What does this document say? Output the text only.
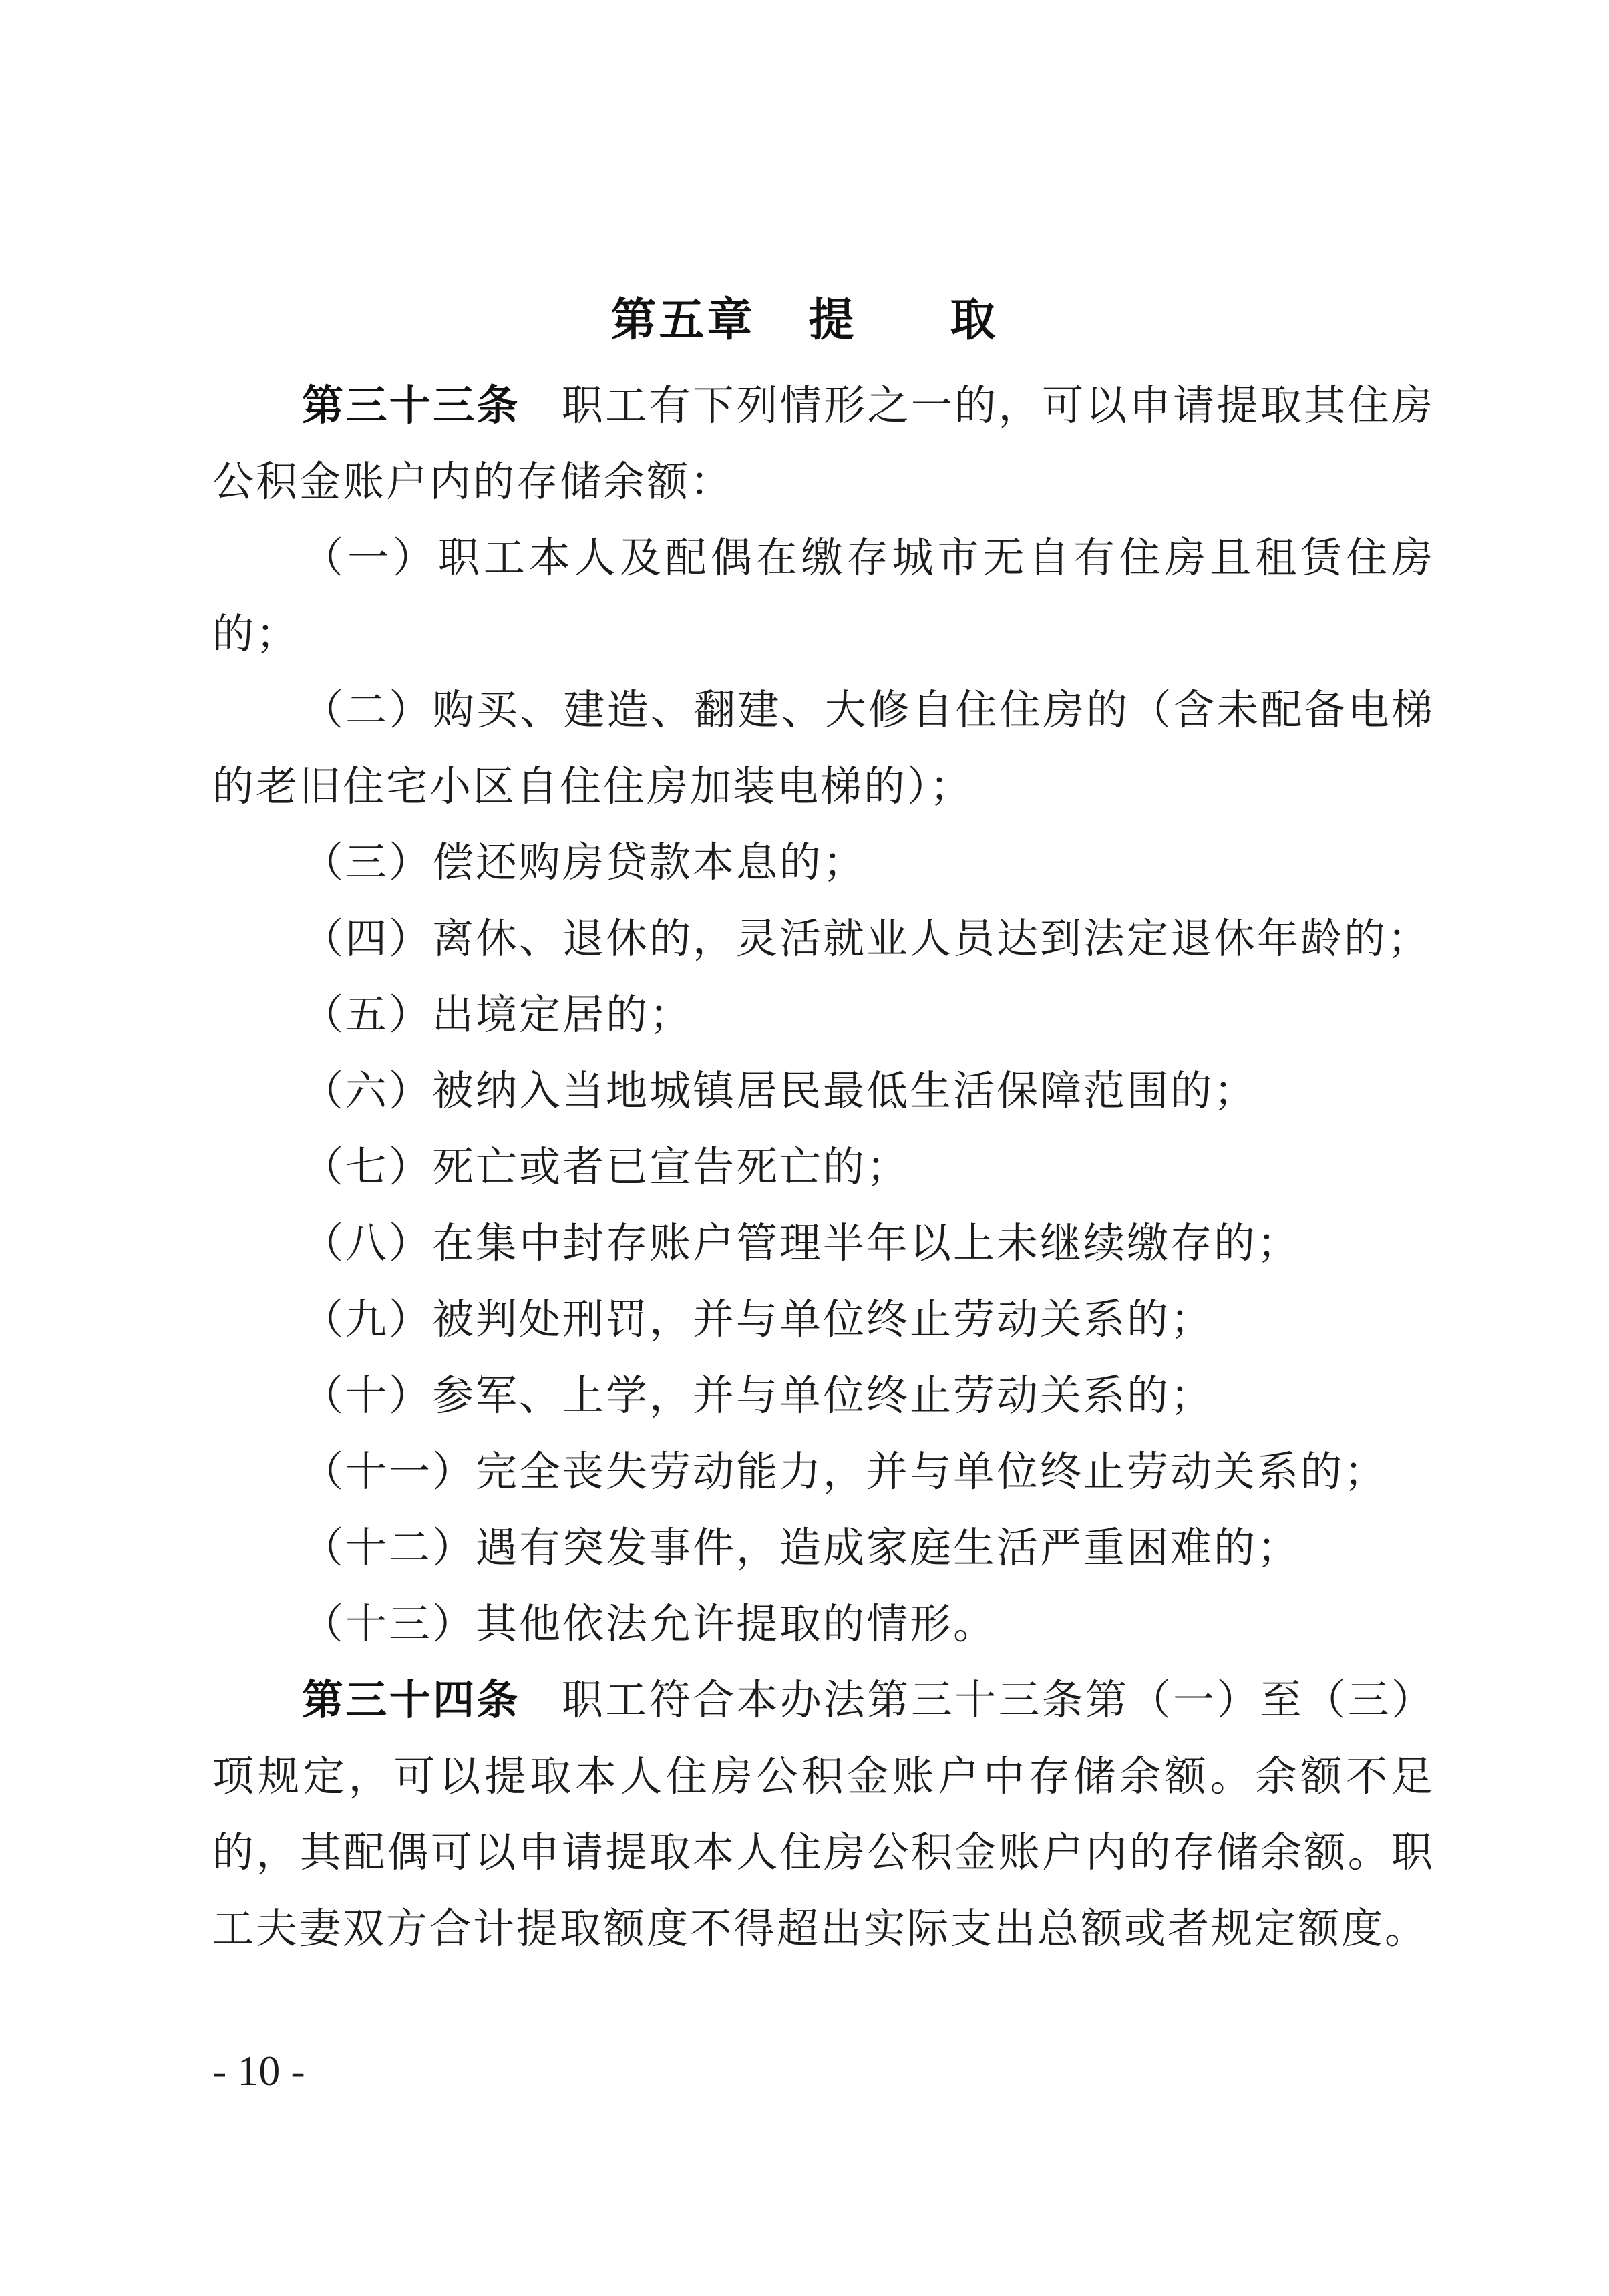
第五章 提 取

第三十三条 职工有下列情形之一的，可以申请提取其住房公积金账户内的存储余额：

（一）职工本人及配偶在缴存城市无自有住房且租赁住房的；

（二）购买、建造、翻建、大修自住住房的（含未配备电梯的老旧住宅小区自住住房加装电梯的）；

（三）偿还购房贷款本息的；

（四）离休、退休的，灵活就业人员达到法定退休年龄的；

（五）出境定居的；

（六）被纳入当地城镇居民最低生活保障范围的；

（七）死亡或者已宣告死亡的；

（八）在集中封存账户管理半年以上未继续缴存的；

（九）被判处刑罚，并与单位终止劳动关系的；

（十）参军、上学，并与单位终止劳动关系的；

（十一）完全丧失劳动能力，并与单位终止劳动关系的；

（十二）遇有突发事件，造成家庭生活严重困难的；

（十三）其他依法允许提取的情形。

第三十四条 职工符合本办法第三十三条第（一）至（三）项规定，可以提取本人住房公积金账户中存储余额。余额不足的，其配偶可以申请提取本人住房公积金账户内的存储余额。职工夫妻双方合计提取额度不得超出实际支出总额或者规定额度。

- 10 -
